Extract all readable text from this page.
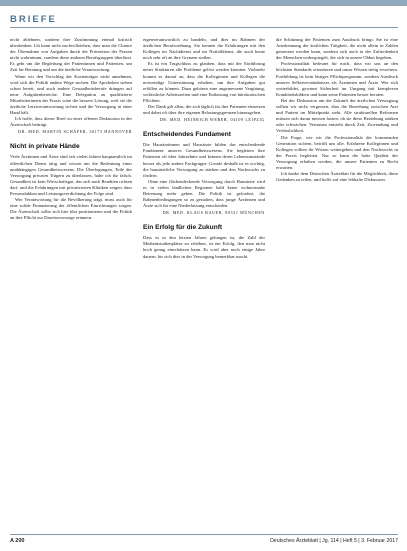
BRIEFE

nicht ablehnen, sondern ihre Zustimmung einmal kritisch überdenken. Ich kann nicht nachvollziehen, dass man die Chance der Übernahme von Aufgaben durch die Prävention der Praxen nicht wahrnimmt, sondern diese anderen Berufsgruppen überlässt. Es geht um die Begleitung der Patientinnen und Patienten, um Zeit für Beratung und um die ärztliche Verantwortung.

Wenn wir den Vorschlag der Kostenträger nicht annehmen, wird sich die Politik andere Wege suchen. Die Apotheken stehen schon bereit, und auch andere Gesundheitsberufe drängen auf neue Aufgabenbereiche. Eine Delegation an qualifizierte Mitarbeiterinnen der Praxis wäre die bessere Lösung, weil sie die ärztliche Letztverantwortung sichert und die Versorgung in einer Hand hält.

Ich hoffe, dass dieser Brief zu einer offenen Diskussion in der Ärzteschaft beiträgt.

DR. MED. MARTIN SCHÄFER, 30175 HANNOVER
Nicht in private Hände

Viele Ärztinnen und Ärzte sind seit vielen Jahren hauptamtlich im öffentlichen Dienst tätig und wissen um die Bedeutung eines unabhängigen Gesundheitswesens. Die Überlegungen, Teile der Versorgung privaten Trägern zu überlassen, halte ich für falsch. Gesundheit ist kein Wirtschaftsgut, das sich nach Renditen richten darf, und die Erfahrungen mit privatisierten Kliniken zeigen, dass Personalabbau und Leistungsverdichtung die Folge sind.

Wer Verantwortung für die Bevölkerung trägt, muss auch für eine solide Finanzierung der öffentlichen Einrichtungen sorgen. Die Ärzteschaft sollte sich hier klar positionieren und die Politik an ihre Pflicht zur Daseinsvorsorge erinnern.

eigenverantwortlich zu handeln, und dies im Rahmen der ärztlichen Berufsordnung. Sie kennen die Erfahrungen mit den Kollegen im Nachtdienst und im Notfalldienst, die auch heute noch sehr oft an ihre Grenzen stoßen.

Es ist ein Trugschluss zu glauben, dass mit der Einführung neuer Strukturen alle Probleme gelöst werden könnten. Vielmehr kommt es darauf an, dass die Kolleginnen und Kollegen die notwendige Unterstützung erhalten, um ihre Aufgaben gut erfüllen zu können. Dazu gehören eine angemessene Vergütung, verlässliche Arbeitszeiten und eine Entlastung von bürokratischen Pflichten.

Der Dank gilt allen, die sich täglich für ihre Patienten einsetzen und dabei oft über ihre eigenen Belastungsgrenzen hinausgehen.

DR. MED. HEINRICH WEBER, 04109 LEIPZIG
Entscheidendes Fundament

Die Hausärztinnen und Hausärzte bilden das entscheidende Fundament unseres Gesundheitswesens. Sie begleiten ihre Patienten oft über Jahrzehnte und kennen deren Lebensumstände besser als jede andere Fachgruppe. Gerade deshalb ist es wichtig, die hausärztliche Versorgung zu stärken und den Nachwuchs zu fördern.

Ohne eine flächendeckende Versorgung durch Hausärzte wird es in vielen ländlichen Regionen bald keine wohnortnahe Betreuung mehr geben. Die Politik ist gefordert, die Rahmenbedingungen so zu gestalten, dass junge Ärztinnen und Ärzte sich für eine Niederlassung entscheiden.

DR. MED. KLAUS BAUER, 80331 MÜNCHEN
Ein Erfolg für die Zukunft

Dass es in den letzten Jahren gelungen ist, die Zahl der Medizinstudienplätze zu erhöhen, ist ein Erfolg, den man nicht hoch genug einschätzen kann. Es wird aber noch einige Jahre dauern, bis sich dies in der Versorgung bemerkbar macht.

die Schätzung der Patienten zum Ausdruck bringt. Sie ist eine Anerkennung der ärztlichen Tätigkeit, die nicht allein in Zahlen gemessen werden kann, sondern sich auch in der Zufriedenheit der Menschen widerspiegelt, die sich in unsere Obhut begeben.

Professionalität bedeutet für mich, dass wir uns an den höchsten Standards orientieren und unser Wissen stetig erweitern. Fortbildung ist kein lästiges Pflichtprogramm, sondern Ausdruck unseres Selbstverständnisses als Ärztinnen und Ärzte. Wer sich weiterbildet, gewinnt Sicherheit im Umgang mit komplexen Krankheitsbildern und kann seine Patienten besser beraten.

Bei der Diskussion um die Zukunft der ärztlichen Versorgung sollten wir nicht vergessen, dass die Beziehung zwischen Arzt und Patient im Mittelpunkt steht. Alle strukturellen Reformen müssen sich daran messen lassen, ob sie diese Beziehung stärken oder schwächen. Vertrauen entsteht durch Zeit, Zuwendung und Verlässlichkeit.

Die Frage, wie wir die Professionalität der kommenden Generation sichern, betrifft uns alle. Erfahrene Kolleginnen und Kollegen sollten ihr Wissen weitergeben und den Nachwuchs in der Praxis begleiten. Nur so kann die hohe Qualität der Versorgung erhalten werden, die unsere Patienten zu Recht erwarten.

Ich danke dem Deutschen Ärzteblatt für die Möglichkeit, diese Gedanken zu teilen, und hoffe auf eine lebhafte Diskussion.

A 200	Deutsches Ärzteblatt | Jg. 114 | Heft 5 | 3. Februar 2017
